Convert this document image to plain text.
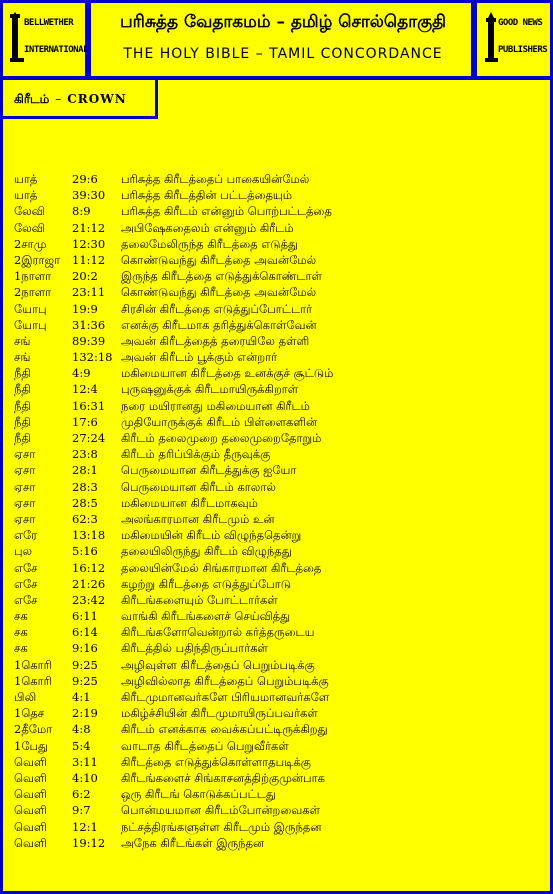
BELLWETHER
INTERNATIONAL
GOOD NEWS
PUBLISHERS
பரிசுத்த வேதாகமம் – தமிழ் சொல்தொகுதி
THE HOLY BIBLE – TAMIL CONCORDANCE
கிரீடம் – CROWN
யாத்	29:6	பரிசுத்த கிரீடத்தைப் பாகையின்மேல்
யாத்	39:30	பரிசுத்த கிரீடத்தின் பட்டத்தையும்
லேவி	8:9	பரிசுத்த கிரீடம் என்னும் பொற்பட்டத்தை
லேவி	21:12	அபிஷேகதைலம் என்னும் கிரீடம்
2சாமு	12:30	தலைமேலிருந்த கிரீடத்தை எடுத்து
2இராஜா	11:12	கொண்டுவந்து கிரீடத்தை அவன்மேல்
1நாளா	20:2	இருந்த கிரீடத்தை எடுத்துக்கொண்டாள்
2நாளா	23:11	கொண்டுவந்து கிரீடத்தை அவன்மேல்
யோபு	19:9	சிரசின் கிரீடத்தை எடுத்துப்போட்டார்
யோபு	31:36	எனக்கு கிரீடமாக தரித்துக்கொள்வேன்
சங்	89:39	அவன் கிரீடத்தைத் தரையிலே தள்ளி
சங்	132:18 அவன் கிரீடம் பூக்கும் என்றார்
நீதி	4:9	மகிமையான கிரீடத்தை உனக்குச் சூட்டும்
நீதி	12:4	புருஷனுக்குக் கிரீடமாயிருக்கிறாள்
நீதி	16:31	நரை மயிரானது மகிமையான கிரீடம்
நீதி	17:6	முதியோருக்குக் கிரீடம் பிள்ளைகளின்
நீதி	27:24	கிரீடம் தலைமுறை தலைமுறைதோறும்
ஏசா	23:8	கிரீடம் தரிப்பிக்கும் தீருவுக்கு
ஏசா	28:1	பெருமையான கிரீடத்துக்கு ஐயோ
ஏசா	28:3	பெருமையான கிரீடம் காலால்
ஏசா	28:5	மகிமையான கிரீடமாகவும்
ஏசா	62:3	அலங்காரமான கிரீடமும் உன்
எரே	13:18	மகிமையின் கிரீடம் விழுந்ததென்று
புல	5:16	தலையிலிருந்து கிரீடம் விழுந்தது
எசே	16:12	தலையின்மேல் சிங்காரமான கிரீடத்தை
எசே	21:26	கழற்று கிரீடத்தை எடுத்துப்போடு
எசே	23:42	கிரீடங்களையும் போட்டார்கள்
சக	6:11	வாங்கி கிரீடங்களைச் செய்வித்து
சக	6:14	கிரீடங்களோவென்றால் கர்த்தருடைய
சக	9:16	கிரீடத்தில் பதிந்திருப்பார்கள்
1கொரி	9:25	அழிவுள்ள கிரீடத்தைப் பெறும்படிக்கு
1கொரி	9:25	அழிவில்லாத கிரீடத்தைப் பெறும்படிக்கு
பிலி	4:1	கிரீடமுமானவர்களே பிரியமானவர்களே
1தெச	2:19	மகிழ்ச்சியின் கிரீடமுமாயிருப்பவர்கள்
2தீமோ	4:8	கிரீடம் எனக்காக வைக்கப்பட்டிருக்கிறது
1பேது	5:4	வாடாத கிரீடத்தைப் பெறுவீர்கள்
வெளி	3:11	கிரீடத்தை எடுத்துக்கொள்ளாதபடிக்கு
வெளி	4:10	கிரீடங்களைச் சிங்காசனத்திற்குமுன்பாக
வெளி	6:2	ஒரு கிரீடங் கொடுக்கப்பட்டது
வெளி	9:7	பொன்மயமான கிரீடம்போன்றவைகள்
வெளி	12:1	நட்சத்திரங்களுள்ள கிரீடமும் இருந்தன
வெளி	19:12	அநேக கிரீடங்கள் இருந்தன
